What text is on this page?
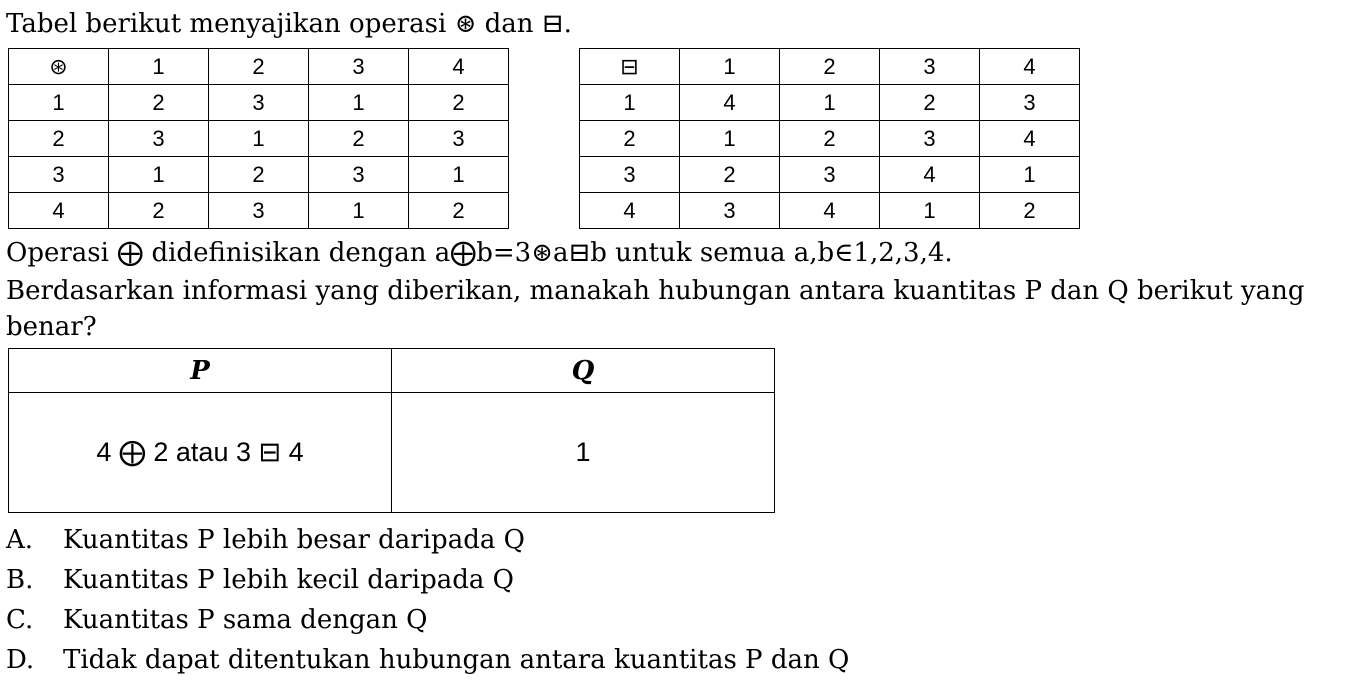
Tabel berikut menyajikan operasi ⊛ dan ⊟.
⊛	1	2	3	4
1	2	3	1	2
2	3	1	2	3
3	1	2	3	1
4	2	3	1	2
⊟	1	2	3	4
1	4	1	2	3
2	1	2	3	4
3	2	3	4	1
4	3	4	1	2
Operasi ⨁ didefinisikan dengan a⨁b=3⊛a⊟b untuk semua a,b∈1,2,3,4.
Berdasarkan informasi yang diberikan, manakah hubungan antara kuantitas P dan Q berikut yang
benar?
P	Q
4 ⨁ 2 atau 3 ⊟ 4	1
A. Kuantitas P lebih besar daripada Q
B. Kuantitas P lebih kecil daripada Q
C. Kuantitas P sama dengan Q
D. Tidak dapat ditentukan hubungan antara kuantitas P dan Q
